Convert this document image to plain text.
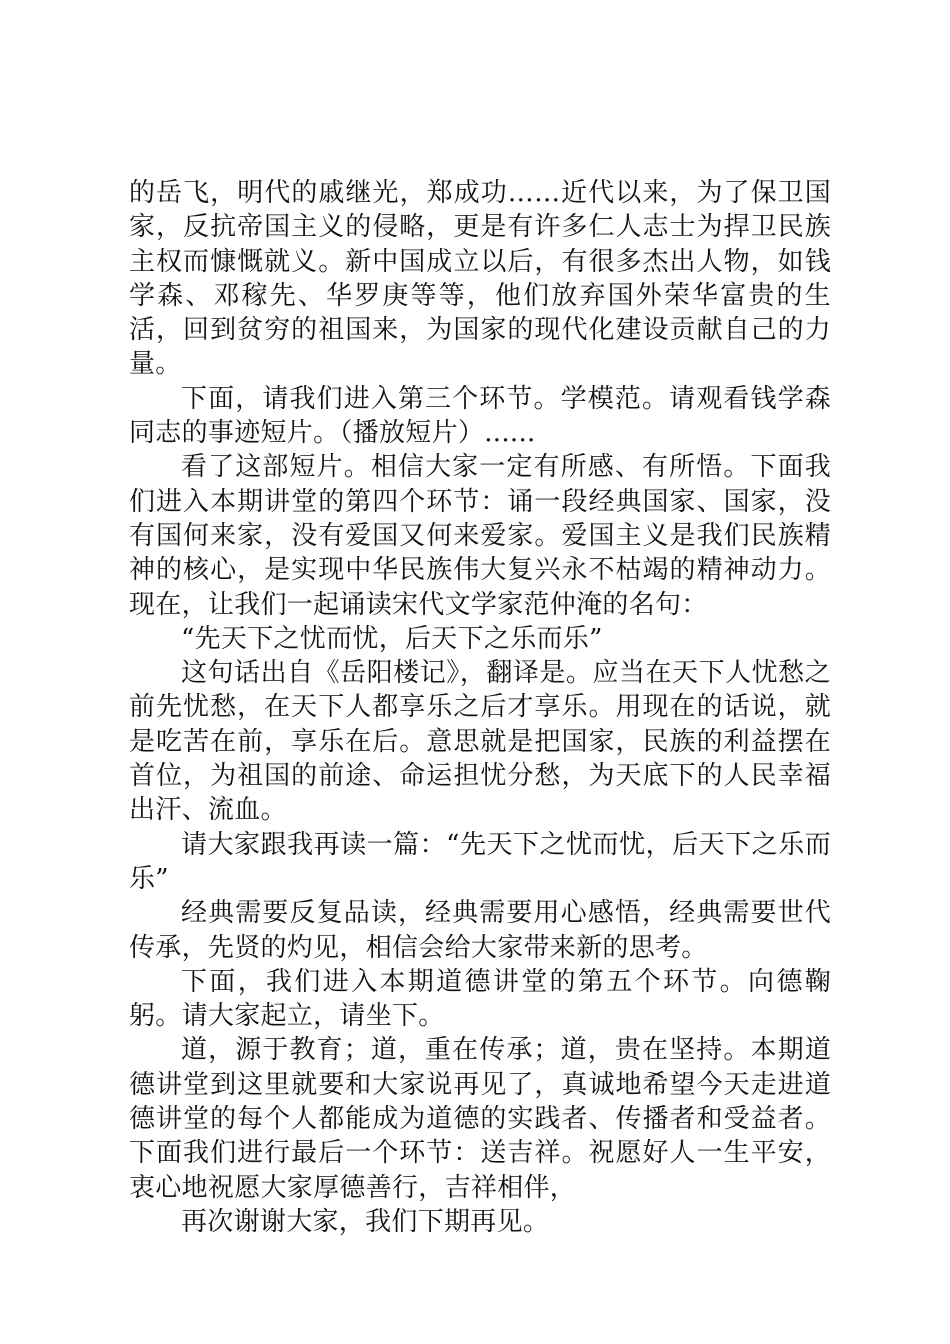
的岳飞，明代的戚继光，郑成功……近代以来，为了保卫国家，反抗帝国主义的侵略，更是有许多仁人志士为捍卫民族主权而慷慨就义。新中国成立以后，有很多杰出人物，如钱学森、邓稼先、华罗庚等等，他们放弃国外荣华富贵的生活，回到贫穷的祖国来，为国家的现代化建设贡献自己的力量。

下面，请我们进入第三个环节。学模范。请观看钱学森同志的事迹短片。（播放短片）......

看了这部短片。相信大家一定有所感、有所悟。下面我们进入本期讲堂的第四个环节：诵一段经典国家、国家，没有国何来家，没有爱国又何来爱家。爱国主义是我们民族精神的核心，是实现中华民族伟大复兴永不枯竭的精神动力。现在，让我们一起诵读宋代文学家范仲淹的名句：

“先天下之忧而忧，后天下之乐而乐”

这句话出自《岳阳楼记》，翻译是。应当在天下人忧愁之前先忧愁，在天下人都享乐之后才享乐。用现在的话说，就是吃苦在前，享乐在后。意思就是把国家，民族的利益摆在首位，为祖国的前途、命运担忧分愁，为天底下的人民幸福出汗、流血。

请大家跟我再读一篇：“先天下之忧而忧，后天下之乐而乐”

经典需要反复品读，经典需要用心感悟，经典需要世代传承，先贤的灼见，相信会给大家带来新的思考。

下面，我们进入本期道德讲堂的第五个环节。向德鞠躬。请大家起立，请坐下。

道，源于教育；道，重在传承；道，贵在坚持。本期道德讲堂到这里就要和大家说再见了，真诚地希望今天走进道德讲堂的每个人都能成为道德的实践者、传播者和受益者。下面我们进行最后一个环节：送吉祥。祝愿好人一生平安，衷心地祝愿大家厚德善行，吉祥相伴，

再次谢谢大家，我们下期再见。
